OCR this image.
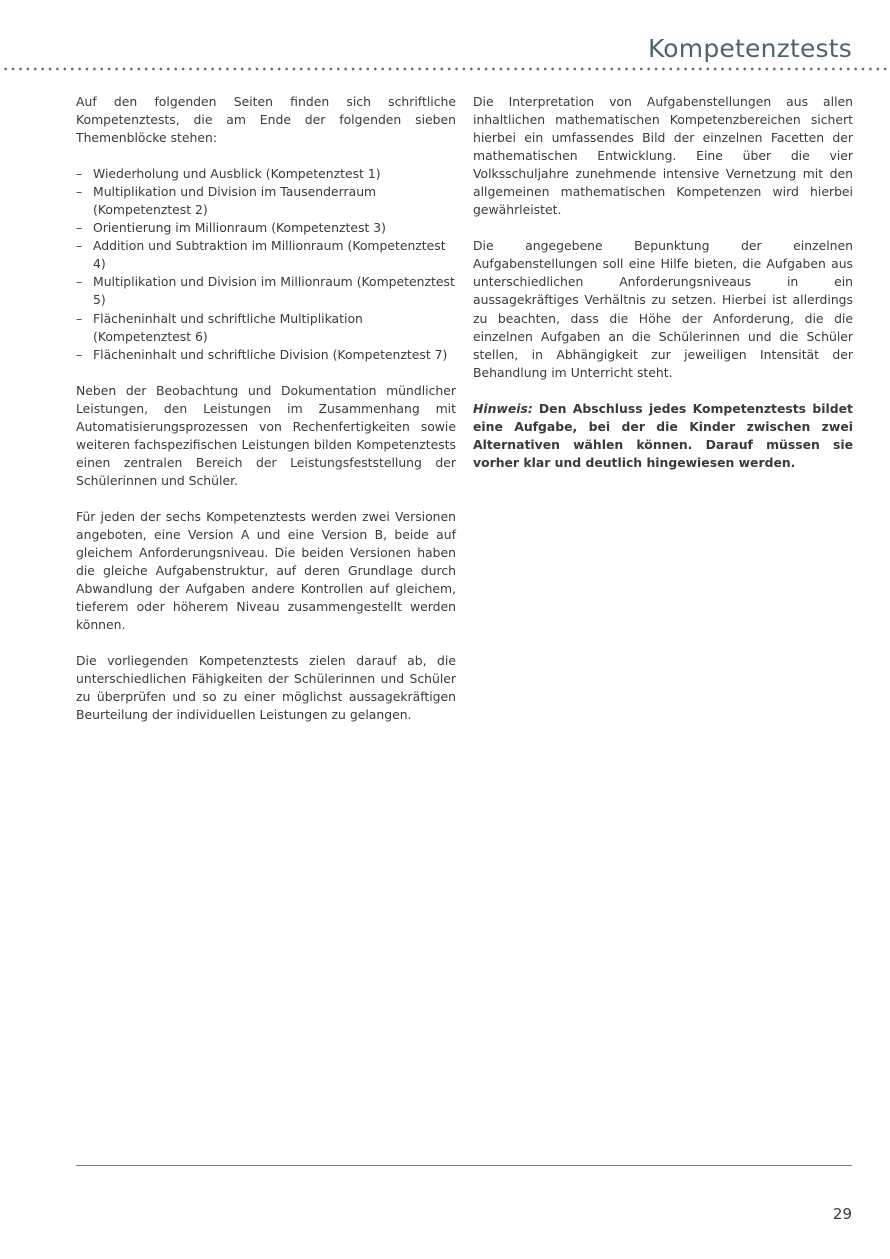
Kompetenztests

Auf den folgenden Seiten finden sich schriftliche Kompetenztests, die am Ende der folgenden sieben Themenblöcke stehen:

– Wiederholung und Ausblick (Kompetenztest 1)
– Multiplikation und Division im Tausenderraum (Kompetenztest 2)
– Orientierung im Millionraum (Kompetenztest 3)
– Addition und Subtraktion im Millionraum (Kompetenztest 4)
– Multiplikation und Division im Millionraum (Kompetenztest 5)
– Flächeninhalt und schriftliche Multiplikation (Kompetenztest 6)
– Flächeninhalt und schriftliche Division (Kompetenztest 7)

Neben der Beobachtung und Dokumentation mündlicher Leistungen, den Leistungen im Zusammenhang mit Automatisierungsprozessen von Rechenfertigkeiten sowie weiteren fachspezifischen Leistungen bilden Kompetenztests einen zentralen Bereich der Leistungsfeststellung der Schülerinnen und Schüler.

Für jeden der sechs Kompetenztests werden zwei Versionen angeboten, eine Version A und eine Version B, beide auf gleichem Anforderungsniveau. Die beiden Versionen haben die gleiche Aufgabenstruktur, auf deren Grundlage durch Abwandlung der Aufgaben andere Kontrollen auf gleichem, tieferem oder höherem Niveau zusammengestellt werden können.

Die vorliegenden Kompetenztests zielen darauf ab, die unterschiedlichen Fähigkeiten der Schülerinnen und Schüler zu überprüfen und so zu einer möglichst aussagekräftigen Beurteilung der individuellen Leistungen zu gelangen.

Die Interpretation von Aufgabenstellungen aus allen inhaltlichen mathematischen Kompetenzbereichen sichert hierbei ein umfassendes Bild der einzelnen Facetten der mathematischen Entwicklung. Eine über die vier Volksschuljahre zunehmende intensive Vernetzung mit den allgemeinen mathematischen Kompetenzen wird hierbei gewährleistet.

Die angegebene Bepunktung der einzelnen Aufgabenstellungen soll eine Hilfe bieten, die Aufgaben aus unterschiedlichen Anforderungsniveaus in ein aussagekräftiges Verhältnis zu setzen. Hierbei ist allerdings zu beachten, dass die Höhe der Anforderung, die die einzelnen Aufgaben an die Schülerinnen und die Schüler stellen, in Abhängigkeit zur jeweiligen Intensität der Behandlung im Unterricht steht.

Hinweis: Den Abschluss jedes Kompetenztests bildet eine Aufgabe, bei der die Kinder zwischen zwei Alternativen wählen können. Darauf müssen sie vorher klar und deutlich hingewiesen werden.

29
